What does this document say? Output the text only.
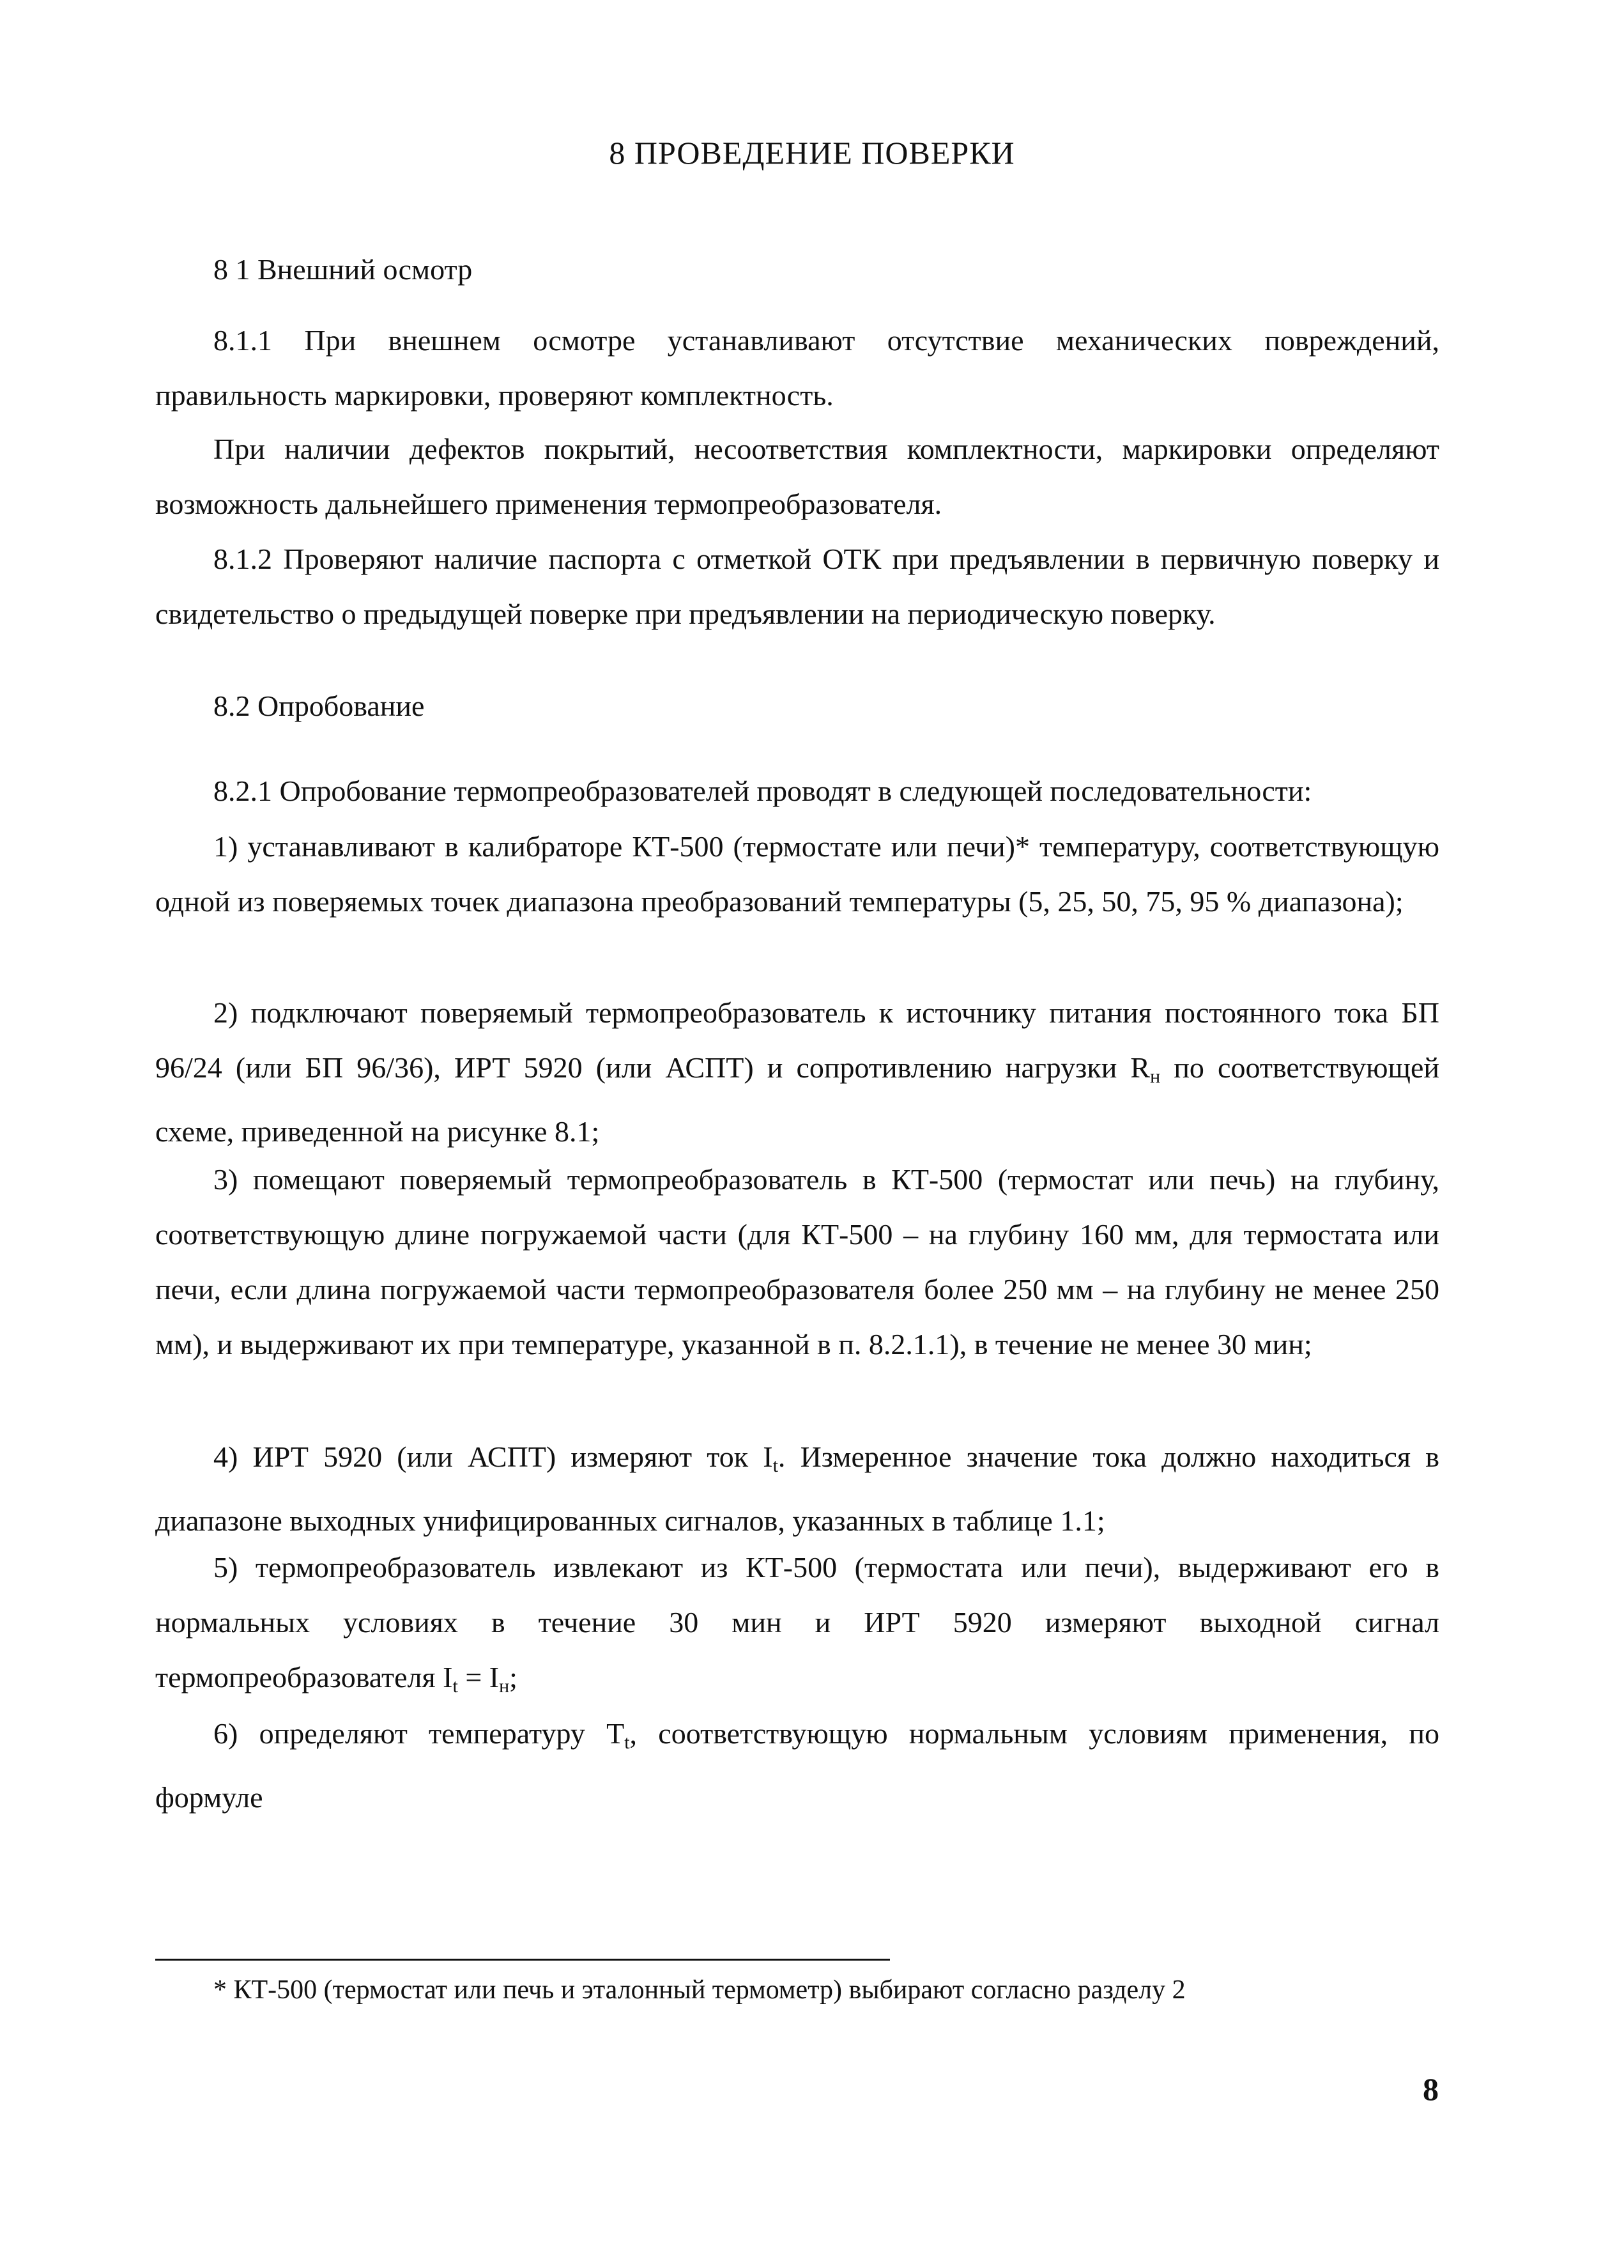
8 ПРОВЕДЕНИЕ ПОВЕРКИ
8 1 Внешний осмотр
8.1.1 При внешнем осмотре устанавливают отсутствие механических повреждений, правильность маркировки, проверяют комплектность.
При наличии дефектов покрытий, несоответствия комплектности, маркировки определяют возможность дальнейшего применения термопреобразователя.
8.1.2 Проверяют наличие паспорта с отметкой ОТК при предъявлении в первичную поверку и свидетельство о предыдущей поверке при предъявлении на периодическую поверку.
8.2 Опробование
8.2.1 Опробование термопреобразователей проводят в следующей последовательности:
1) устанавливают в калибраторе КТ-500 (термостате или печи)* температуру, соответствующую одной из поверяемых точек диапазона преобразований температуры (5, 25, 50, 75, 95 % диапазона);
2) подключают поверяемый термопреобразователь к источнику питания постоянного тока БП 96/24 (или БП 96/36), ИРТ 5920 (или АСПТ) и сопротивлению нагрузки $R_н$ по соответствующей схеме, приведенной на рисунке 8.1;
3) помещают поверяемый термопреобразователь в КТ-500 (термостат или печь) на глубину, соответствующую длине погружаемой части (для КТ-500 – на глубину 160 мм, для термостата или печи, если длина погружаемой части термопреобразователя более 250 мм – на глубину не менее 250 мм), и выдерживают их при температуре, указанной в п. 8.2.1.1), в течение не менее 30 мин;
4) ИРТ 5920 (или АСПТ) измеряют ток $I_t$. Измеренное значение тока должно находиться в диапазоне выходных унифицированных сигналов, указанных в таблице 1.1;
5) термопреобразователь извлекают из КТ-500 (термостата или печи), выдерживают его в нормальных условиях в течение 30 мин и ИРТ 5920 измеряют выходной сигнал термопреобразователя $I_t = I_н$;
6) определяют температуру $T_t$, соответствующую нормальным условиям применения, по формуле
* КТ-500 (термостат или печь и эталонный термометр) выбирают согласно разделу 2
8
